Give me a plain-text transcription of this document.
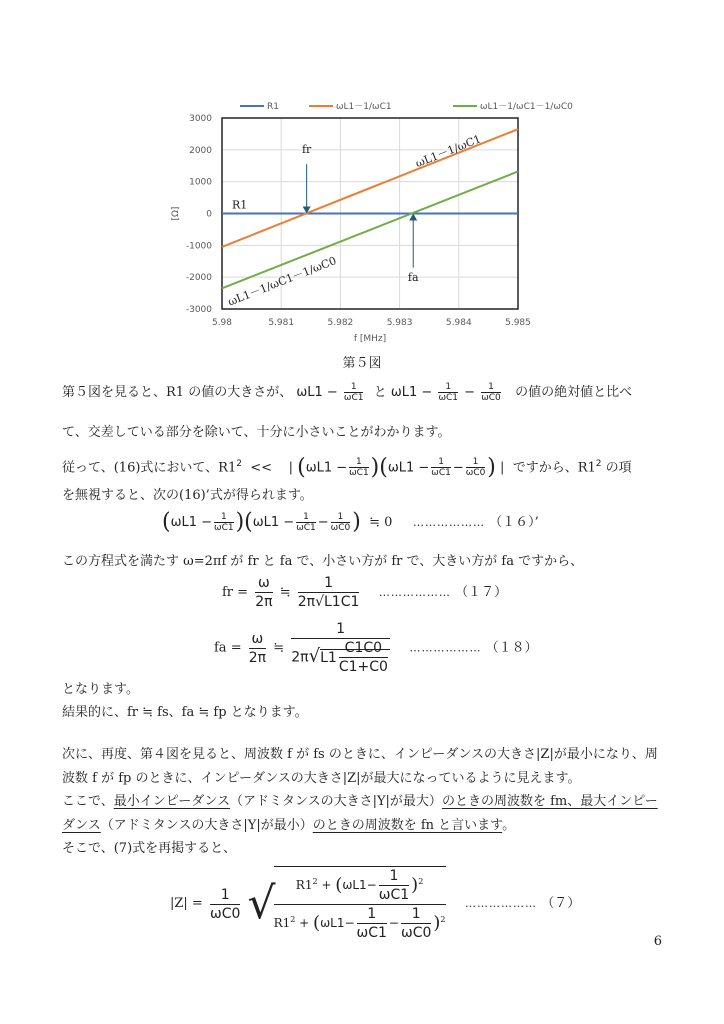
5.98	5.981	5.982	5.983	5.984	5.985
3000
2000
1000
0
-1000
-2000
-3000
f [MHz]
[Ω]
R1	ωL1－1/ωC1	ωL1－1/ωC1－1/ωC0
R1
ωL1－1/ωC1
ωL1－1/ωC1－1/ωC0
fr
fa
第５図
第５図を見ると、R1 の値の大きさが、 $\omega L1 - \frac{1}{\omega C1}$ と $\omega L1 - \frac{1}{\omega C1} - \frac{1}{\omega C0}$ の値の絶対値と比べ
て、交差している部分を除いて、十分に小さいことがわかります。
従って、(16)式において、$R1^2$ << | $(\omega L1 - \frac{1}{\omega C1} )(\omega L1 - \frac{1}{\omega C1} - \frac{1}{\omega C0}$ ) | ですから、$R1^2$ の項
を無視すると、次の(16)’式が得られます。
$(\omega L1 - \frac{1}{\omega C1} )(\omega L1 - \frac{1}{\omega C1} - \frac{1}{\omega C0}$ ) ≒ 0 ……………… （１６）’
この方程式を満たす ω=2πf が fr と fa で、小さい方が fr で、大きい方が fa ですから、
fr = $\frac{\omega}{2\pi}$ ≒ $\frac{1}{2\pi√L1C1}$ ……………… （１７）
fa = $\frac{\omega}{2\pi}$ ≒ $\frac{1}{2\pi√L1 \frac{C1C0}{C1+C0}}$ ……………… （１８）
となります。
結果的に、fr ≒ fs、fa ≒ fp となります。
次に、再度、第４図を見ると、周波数 f が fs のときに、インピーダンスの大きさ|Z|が最小になり、周
波数 f が fp のときに、インピーダンスの大きさ|Z|が最大になっているように見えます。
ここで、最小インピーダンス（アドミタンスの大きさ|Y|が最大）のときの周波数を fm、最大インピー
ダンス（アドミタンスの大きさ|Y|が最小）のときの周波数を fn と言います。
そこで、(7)式を再掲すると、
$|Z| = \frac{1}{\omega C0}$ √
$\frac{R1^2 + (\omega L1- \frac{1}{\omega C1} )^2}{R1^2 + (\omega L1- \frac{1}{\omega C1} - \frac{1}{\omega C0} )^2}$ ……………… （７）
6
